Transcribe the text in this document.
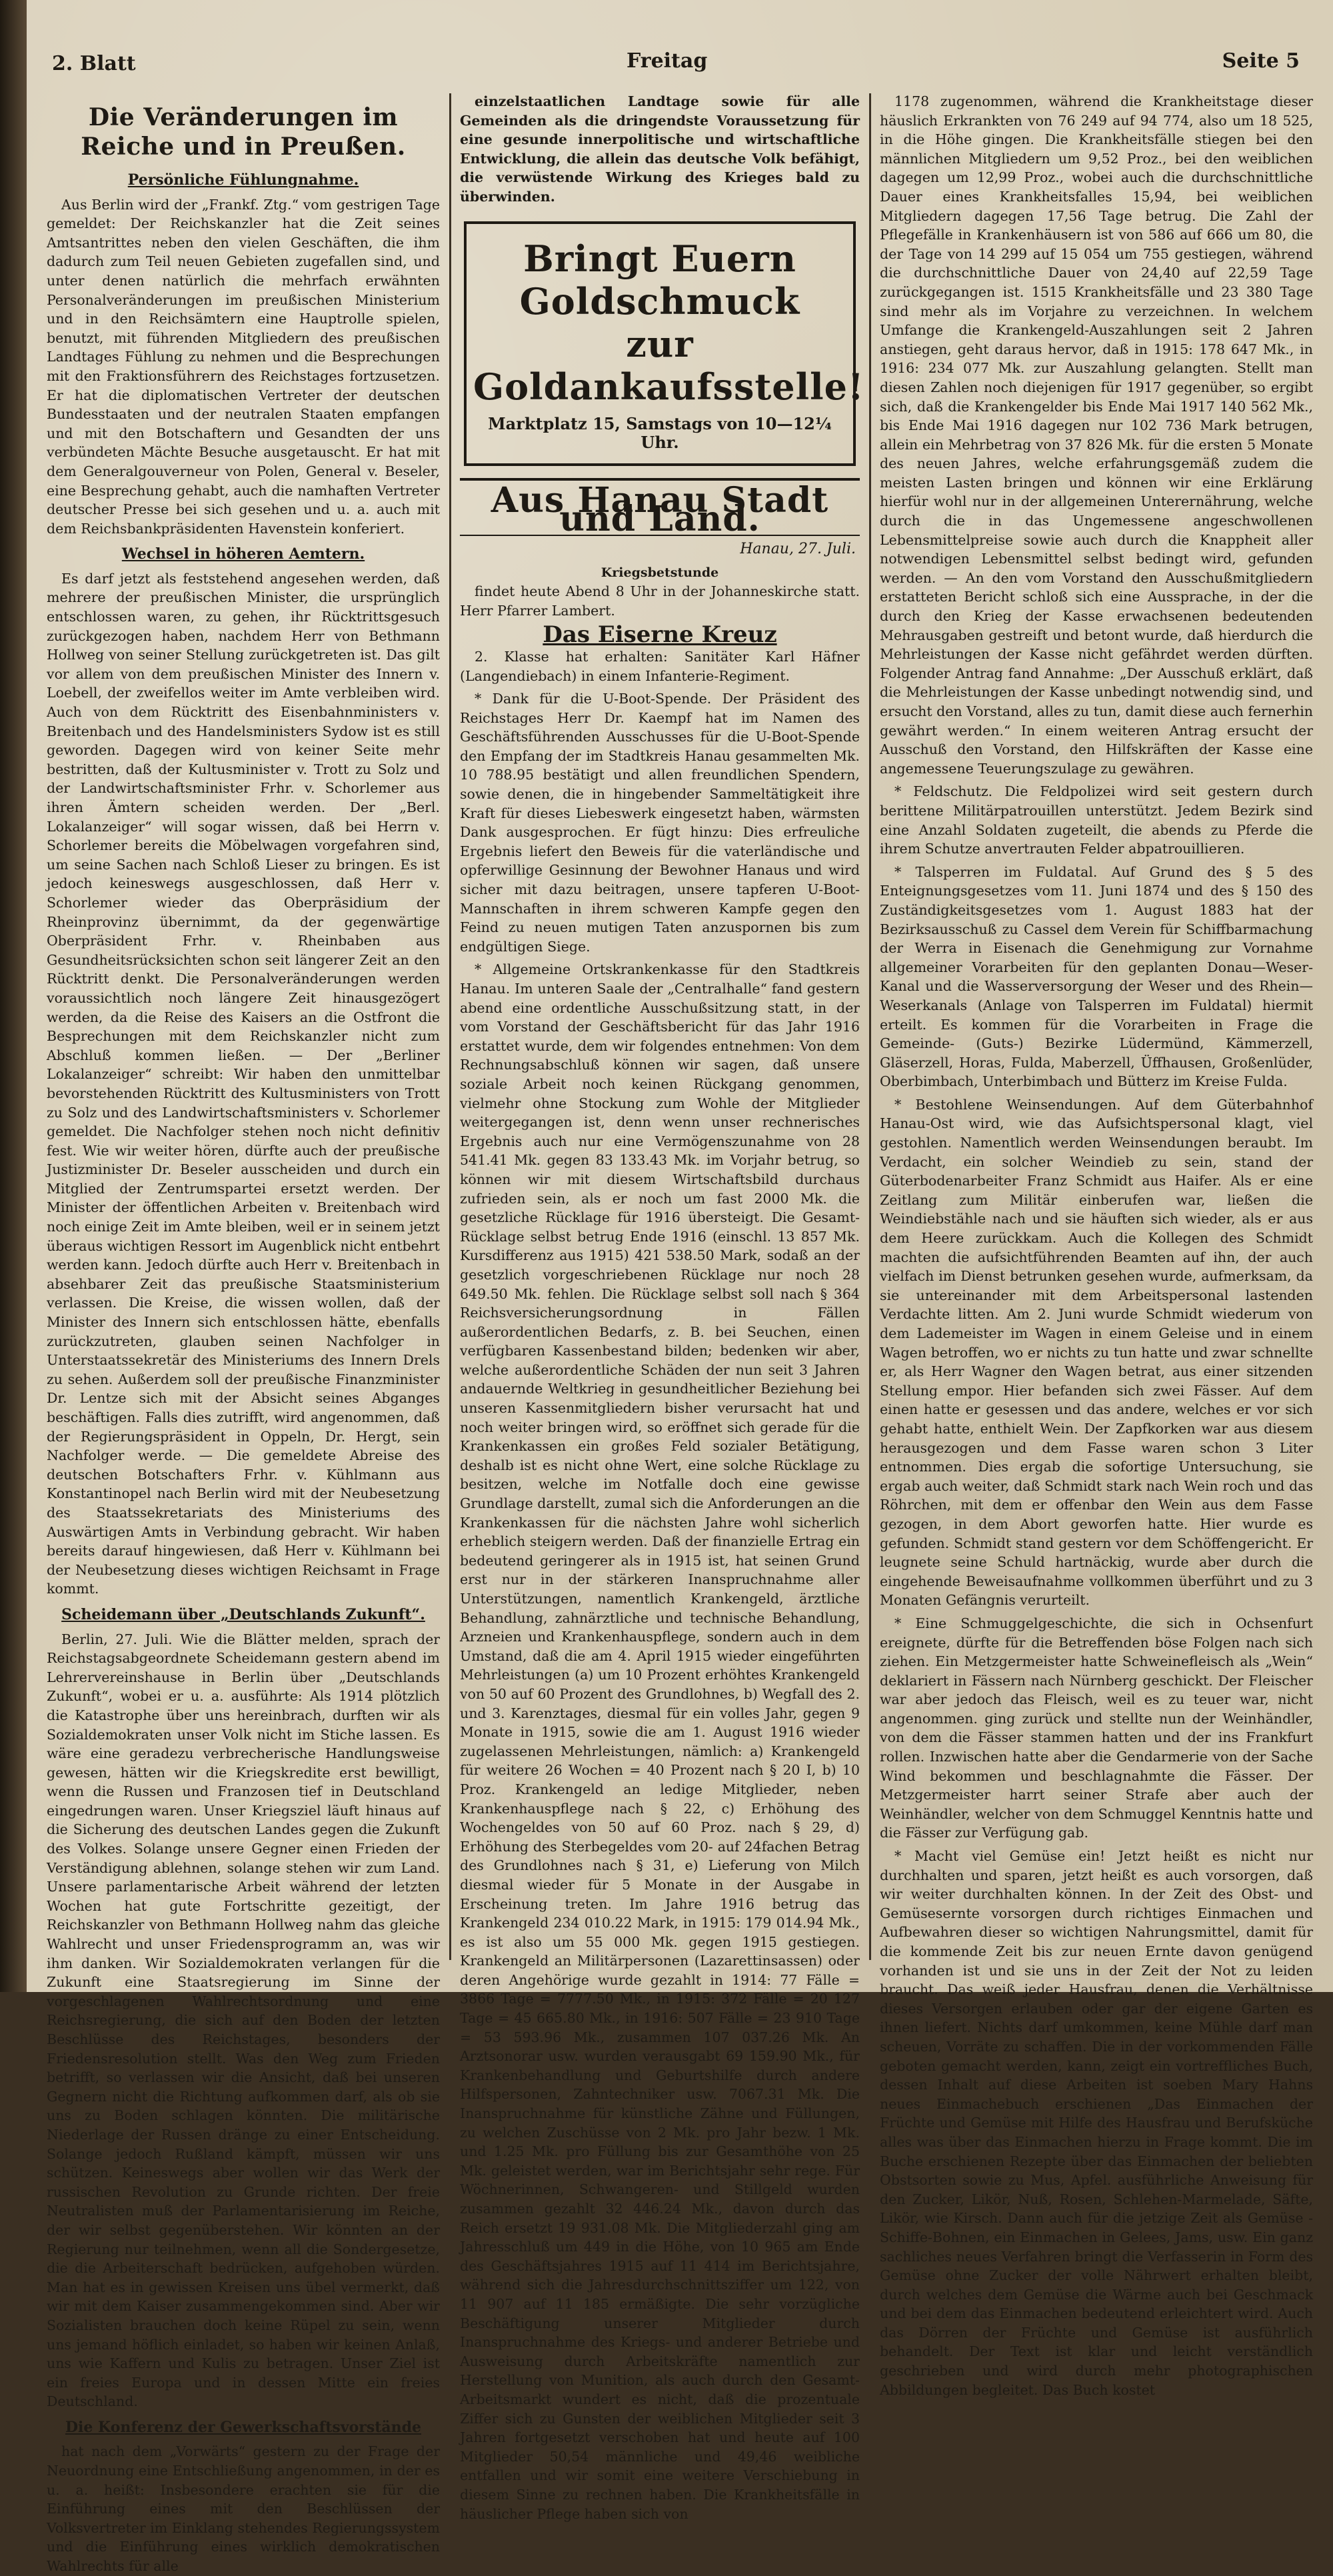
2. Blatt	Freitag	Seite 5
Die Veränderungen im Reiche und in Preußen.
Persönliche Fühlungnahme.

Aus Berlin wird der „Frankf. Ztg.“ vom gestrigen Tage gemeldet: Der Reichskanzler hat die Zeit seines Amtsantrittes neben den vielen Geschäften, die ihm dadurch zum Teil neuen Gebieten zugefallen sind, und unter denen natürlich die mehrfach erwähnten Personalveränderungen im preußischen Ministerium und in den Reichsämtern eine Hauptrolle spielen, benutzt, mit führenden Mitgliedern des preußischen Landtages Fühlung zu nehmen und die Besprechungen mit den Fraktionsführern des Reichstages fortzusetzen. Er hat die diplomatischen Vertreter der deutschen Bundesstaaten und der neutralen Staaten empfangen und mit den Botschaftern und Gesandten der uns verbündeten Mächte Besuche ausgetauscht. Er hat mit dem Generalgouverneur von Polen, General v. Beseler, eine Besprechung gehabt, auch die namhaften Vertreter deutscher Presse bei sich gesehen und u. a. auch mit dem Reichsbankpräsidenten Havenstein konferiert.

Wechsel in höheren Aemtern.

Es darf jetzt als feststehend angesehen werden, daß mehrere der preußischen Minister, die ursprünglich entschlossen waren, zu gehen, ihr Rücktrittsgesuch zurückgezogen haben, nachdem Herr von Bethmann Hollweg von seiner Stellung zurückgetreten ist. Das gilt vor allem von dem preußischen Minister des Innern v. Loebell, der zweifellos weiter im Amte verbleiben wird. Auch von dem Rücktritt des Eisenbahnministers v. Breitenbach und des Handelsministers Sydow ist es still geworden. Dagegen wird von keiner Seite mehr bestritten, daß der Kultusminister v. Trott zu Solz und der Landwirtschaftsminister Frhr. v. Schorlemer aus ihren Ämtern scheiden werden. Der „Berl. Lokalanzeiger“ will sogar wissen, daß bei Herrn v. Schorlemer bereits die Möbelwagen vorgefahren sind, um seine Sachen nach Schloß Lieser zu bringen. Es ist jedoch keineswegs ausgeschlossen, daß Herr v. Schorlemer wieder das Oberpräsidium der Rheinprovinz übernimmt, da der gegenwärtige Oberpräsident Frhr. v. Rheinbaben aus Gesundheitsrücksichten schon seit längerer Zeit an den Rücktritt denkt. Die Personalveränderungen werden voraussichtlich noch längere Zeit hinausgezögert werden, da die Reise des Kaisers an die Ostfront die Besprechungen mit dem Reichskanzler nicht zum Abschluß kommen ließen. — Der „Berliner Lokalanzeiger“ schreibt: Wir haben den unmittelbar bevorstehenden Rücktritt des Kultusministers von Trott zu Solz und des Landwirtschaftsministers v. Schorlemer gemeldet. Die Nachfolger stehen noch nicht definitiv fest. Wie wir weiter hören, dürfte auch der preußische Justizminister Dr. Beseler ausscheiden und durch ein Mitglied der Zentrumspartei ersetzt werden. Der Minister der öffentlichen Arbeiten v. Breitenbach wird noch einige Zeit im Amte bleiben, weil er in seinem jetzt überaus wichtigen Ressort im Augenblick nicht entbehrt werden kann. Jedoch dürfte auch Herr v. Breitenbach in absehbarer Zeit das preußische Staatsministerium verlassen. Die Kreise, die wissen wollen, daß der Minister des Innern sich entschlossen hätte, ebenfalls zurückzutreten, glauben seinen Nachfolger in Unterstaatssekretär des Ministeriums des Innern Drels zu sehen. Außerdem soll der preußische Finanzminister Dr. Lentze sich mit der Absicht seines Abganges beschäftigen. Falls dies zutrifft, wird angenommen, daß der Regierungspräsident in Oppeln, Dr. Hergt, sein Nachfolger werde. — Die gemeldete Abreise des deutschen Botschafters Frhr. v. Kühlmann aus Konstantinopel nach Berlin wird mit der Neubesetzung des Staatssekretariats des Ministeriums des Auswärtigen Amts in Verbindung gebracht. Wir haben bereits darauf hingewiesen, daß Herr v. Kühlmann bei der Neubesetzung dieses wichtigen Reichsamt in Frage kommt.

Scheidemann über „Deutschlands Zukunft“.

Berlin, 27. Juli. Wie die Blätter melden, sprach der Reichstagsabgeordnete Scheidemann gestern abend im Lehrervereinshause in Berlin über „Deutschlands Zukunft“, wobei er u. a. ausführte: Als 1914 plötzlich die Katastrophe über uns hereinbrach, durften wir als Sozialdemokraten unser Volk nicht im Stiche lassen. Es wäre eine geradezu verbrecherische Handlungsweise gewesen, hätten wir die Kriegskredite erst bewilligt, wenn die Russen und Franzosen tief in Deutschland eingedrungen waren. Unser Kriegsziel läuft hinaus auf die Sicherung des deutschen Landes gegen die Zukunft des Volkes. Solange unsere Gegner einen Frieden der Verständigung ablehnen, solange stehen wir zum Land. Unsere parlamentarische Arbeit während der letzten Wochen hat gute Fortschritte gezeitigt, der Reichskanzler von Bethmann Hollweg nahm das gleiche Wahlrecht und unser Friedensprogramm an, was wir ihm danken. Wir Sozialdemokraten verlangen für die Zukunft eine Staatsregierung im Sinne der vorgeschlagenen Wahlrechtsordnung und eine Reichsregierung, die sich auf den Boden der letzten Beschlüsse des Reichstages, besonders der Friedensresolution stellt. Was den Weg zum Frieden betrifft, so verlassen wir die Ansicht, daß bei unseren Gegnern nicht die Richtung aufkommen darf, als ob sie uns zu Boden schlagen könnten. Die militärische Niederlage der Russen dränge zu einer Entscheidung. Solange jedoch Rußland kämpft, müssen wir uns schützen. Keineswegs aber wollen wir das Werk der russischen Revolution zu Grunde richten. Der freie Neutralisten muß der Parlamentarisierung im Reiche, der wir selbst gegenüberstehen. Wir könnten an der Regierung nur teilnehmen, wenn all die Sondergesetze, die die Arbeiterschaft bedrücken, aufgehoben würden. Man hat es in gewissen Kreisen uns übel vermerkt, daß wir mit dem Kaiser zusammengekommen sind. Aber wir Sozialisten brauchen doch keine Rüpel zu sein, wenn uns jemand höflich einladet, so haben wir keinen Anlaß, uns wie Kaffern und Kulis zu betragen. Unser Ziel ist ein freies Europa und in dessen Mitte ein freies Deutschland.

Die Konferenz der Gewerkschaftsvorstände

hat nach dem „Vorwärts“ gestern zu der Frage der Neuordnung eine Entschließung angenommen, in der es u. a. heißt: Insbesondere erachten sie für die Einführung eines mit den Beschlüssen der Volksvertreter im Einklang stehendes Regierungssystem und die Einführung eines wirklich demokratischen Wahlrechts für alle

einzelstaatlichen Landtage sowie für alle Gemeinden als die dringendste Voraussetzung für eine gesunde innerpolitische und wirtschaftliche Entwicklung, die allein das deutsche Volk befähigt, die verwüstende Wirkung des Krieges bald zu überwinden.

Bringt Euern Goldschmuck
zur Goldankaufsstelle!
Marktplatz 15, Samstags von 10—12¼ Uhr.
Aus Hanau Stadt und Land.
Hanau, 27. Juli.
Kriegsbetstunde

findet heute Abend 8 Uhr in der Johanneskirche statt. Herr Pfarrer Lambert.

Das Eiserne Kreuz

2. Klasse hat erhalten: Sanitäter Karl Häfner (Langendiebach) in einem Infanterie-Regiment.

* Dank für die U-Boot-Spende. Der Präsident des Reichstages Herr Dr. Kaempf hat im Namen des Geschäftsführenden Ausschusses für die U-Boot-Spende den Empfang der im Stadtkreis Hanau gesammelten Mk. 10 788.95 bestätigt und allen freundlichen Spendern, sowie denen, die in hingebender Sammeltätigkeit ihre Kraft für dieses Liebeswerk eingesetzt haben, wärmsten Dank ausgesprochen. Er fügt hinzu: Dies erfreuliche Ergebnis liefert den Beweis für die vaterländische und opferwillige Gesinnung der Bewohner Hanaus und wird sicher mit dazu beitragen, unsere tapferen U-Boot-Mannschaften in ihrem schweren Kampfe gegen den Feind zu neuen mutigen Taten anzuspornen bis zum endgültigen Siege.

* Allgemeine Ortskrankenkasse für den Stadtkreis Hanau. Im unteren Saale der „Centralhalle“ fand gestern abend eine ordentliche Ausschußsitzung statt, in der vom Vorstand der Geschäftsbericht für das Jahr 1916 erstattet wurde, dem wir folgendes entnehmen: Von dem Rechnungsabschluß können wir sagen, daß unsere soziale Arbeit noch keinen Rückgang genommen, vielmehr ohne Stockung zum Wohle der Mitglieder weitergegangen ist, denn wenn unser rechnerisches Ergebnis auch nur eine Vermögenszunahme von 28 541.41 Mk. gegen 83 133.43 Mk. im Vorjahr betrug, so können wir mit diesem Wirtschaftsbild durchaus zufrieden sein, als er noch um fast 2000 Mk. die gesetzliche Rücklage für 1916 übersteigt. Die Gesamt-Rücklage selbst betrug Ende 1916 (einschl. 13 857 Mk. Kursdifferenz aus 1915) 421 538.50 Mark, sodaß an der gesetzlich vorgeschriebenen Rücklage nur noch 28 649.50 Mk. fehlen. Die Rücklage selbst soll nach § 364 Reichsversicherungsordnung in Fällen außerordentlichen Bedarfs, z. B. bei Seuchen, einen verfügbaren Kassenbestand bilden; bedenken wir aber, welche außerordentliche Schäden der nun seit 3 Jahren andauernde Weltkrieg in gesundheitlicher Beziehung bei unseren Kassenmitgliedern bisher verursacht hat und noch weiter bringen wird, so eröffnet sich gerade für die Krankenkassen ein großes Feld sozialer Betätigung, deshalb ist es nicht ohne Wert, eine solche Rücklage zu besitzen, welche im Notfalle doch eine gewisse Grundlage darstellt, zumal sich die Anforderungen an die Krankenkassen für die nächsten Jahre wohl sicherlich erheblich steigern werden. Daß der finanzielle Ertrag ein bedeutend geringerer als in 1915 ist, hat seinen Grund erst nur in der stärkeren Inanspruchnahme aller Unterstützungen, namentlich Krankengeld, ärztliche Behandlung, zahnärztliche und technische Behandlung, Arzneien und Krankenhauspflege, sondern auch in dem Umstand, daß die am 4. April 1915 wieder eingeführten Mehrleistungen (a) um 10 Prozent erhöhtes Krankengeld von 50 auf 60 Prozent des Grundlohnes, b) Wegfall des 2. und 3. Karenztages, diesmal für ein volles Jahr, gegen 9 Monate in 1915, sowie die am 1. August 1916 wieder zugelassenen Mehrleistungen, nämlich: a) Krankengeld für weitere 26 Wochen = 40 Prozent nach § 20 I, b) 10 Proz. Krankengeld an ledige Mitglieder, neben Krankenhauspflege nach § 22, c) Erhöhung des Wochengeldes von 50 auf 60 Proz. nach § 29, d) Erhöhung des Sterbegeldes vom 20- auf 24fachen Betrag des Grundlohnes nach § 31, e) Lieferung von Milch diesmal wieder für 5 Monate in der Ausgabe in Erscheinung treten. Im Jahre 1916 betrug das Krankengeld 234 010.22 Mark, in 1915: 179 014.94 Mk., es ist also um 55 000 Mk. gegen 1915 gestiegen. Krankengeld an Militärpersonen (Lazarettinsassen) oder deren Angehörige wurde gezahlt in 1914: 77 Fälle = 3866 Tage = 7777.50 Mk., in 1915: 372 Fälle = 20 127 Tage = 45 665.80 Mk., in 1916: 507 Fälle = 23 910 Tage = 53 593.96 Mk., zusammen 107 037.26 Mk. An Arztsonorar usw. wurden verausgabt 69 159.90 Mk., für Krankenbehandlung und Geburtshilfe durch andere Hilfspersonen, Zahntechniker usw. 7067.31 Mk. Die Inanspruchnahme für künstliche Zähne und Füllungen, zu welchen Zuschüsse von 2 Mk. pro Jahr bezw. 1 Mk. und 1.25 Mk. pro Füllung bis zur Gesamthöhe von 25 Mk. geleistet werden, war im Berichtsjahr sehr rege. Für Wöchnerinnen, Schwangeren- und Stillgeld wurden zusammen gezahlt 32 446.24 Mk., davon durch das Reich ersetzt 19 931.08 Mk. Die Mitgliederzahl ging am Jahresschluß um 449 in die Höhe, von 10 965 am Ende des Geschäftsjahres 1915 auf 11 414 im Berichtsjahre, während sich die Jahresdurchschnittsziffer um 122, von 11 907 auf 11 185 ermäßigte. Die sehr vorzügliche Beschäftigung unserer Mitglieder durch Inanspruchnahme des Kriegs- und anderer Betriebe und Ausweisung durch Arbeitskräfte namentlich zur Herstellung von Munition, als auch durch den Gesamt-Arbeitsmarkt wundert es nicht, daß die prozentuale Ziffer sich zu Gunsten der weiblichen Mitglieder seit 3 Jahren fortgesetzt verschoben hat und heute auf 100 Mitglieder 50,54 männliche und 49,46 weibliche entfallen und wir somit eine weitere Verschiebung in diesem Sinne zu rechnen haben. Die Krankheitsfälle in häuslicher Pflege haben sich von

1178 zugenommen, während die Krankheitstage dieser häuslich Erkrankten von 76 249 auf 94 774, also um 18 525, in die Höhe gingen. Die Krankheitsfälle stiegen bei den männlichen Mitgliedern um 9,52 Proz., bei den weiblichen dagegen um 12,99 Proz., wobei auch die durchschnittliche Dauer eines Krankheitsfalles 15,94, bei weiblichen Mitgliedern dagegen 17,56 Tage betrug. Die Zahl der Pflegefälle in Krankenhäusern ist von 586 auf 666 um 80, die der Tage von 14 299 auf 15 054 um 755 gestiegen, während die durchschnittliche Dauer von 24,40 auf 22,59 Tage zurückgegangen ist. 1515 Krankheitsfälle und 23 380 Tage sind mehr als im Vorjahre zu verzeichnen. In welchem Umfange die Krankengeld-Auszahlungen seit 2 Jahren anstiegen, geht daraus hervor, daß in 1915: 178 647 Mk., in 1916: 234 077 Mk. zur Auszahlung gelangten. Stellt man diesen Zahlen noch diejenigen für 1917 gegenüber, so ergibt sich, daß die Krankengelder bis Ende Mai 1917 140 562 Mk., bis Ende Mai 1916 dagegen nur 102 736 Mark betrugen, allein ein Mehrbetrag von 37 826 Mk. für die ersten 5 Monate des neuen Jahres, welche erfahrungsgemäß zudem die meisten Lasten bringen und können wir eine Erklärung hierfür wohl nur in der allgemeinen Unterernährung, welche durch die in das Ungemessene angeschwollenen Lebensmittelpreise sowie auch durch die Knappheit aller notwendigen Lebensmittel selbst bedingt wird, gefunden werden. — An den vom Vorstand den Ausschußmitgliedern erstatteten Bericht schloß sich eine Aussprache, in der die durch den Krieg der Kasse erwachsenen bedeutenden Mehrausgaben gestreift und betont wurde, daß hierdurch die Mehrleistungen der Kasse nicht gefährdet werden dürften. Folgender Antrag fand Annahme: „Der Ausschuß erklärt, daß die Mehrleistungen der Kasse unbedingt notwendig sind, und ersucht den Vorstand, alles zu tun, damit diese auch fernerhin gewährt werden.“ In einem weiteren Antrag ersucht der Ausschuß den Vorstand, den Hilfskräften der Kasse eine angemessene Teuerungszulage zu gewähren.

* Feldschutz. Die Feldpolizei wird seit gestern durch berittene Militärpatrouillen unterstützt. Jedem Bezirk sind eine Anzahl Soldaten zugeteilt, die abends zu Pferde die ihrem Schutze anvertrauten Felder abpatrouillieren.

* Talsperren im Fuldatal. Auf Grund des § 5 des Enteignungsgesetzes vom 11. Juni 1874 und des § 150 des Zuständigkeitsgesetzes vom 1. August 1883 hat der Bezirksausschuß zu Cassel dem Verein für Schiffbarmachung der Werra in Eisenach die Genehmigung zur Vornahme allgemeiner Vorarbeiten für den geplanten Donau—Weser-Kanal und die Wasserversorgung der Weser und des Rhein—Weserkanals (Anlage von Talsperren im Fuldatal) hiermit erteilt. Es kommen für die Vorarbeiten in Frage die Gemeinde- (Guts-) Bezirke Lüdermünd, Kämmerzell, Gläserzell, Horas, Fulda, Maberzell, Üffhausen, Großenlüder, Oberbimbach, Unterbimbach und Bütterz im Kreise Fulda.

* Bestohlene Weinsendungen. Auf dem Güterbahnhof Hanau-Ost wird, wie das Aufsichtspersonal klagt, viel gestohlen. Namentlich werden Weinsendungen beraubt. Im Verdacht, ein solcher Weindieb zu sein, stand der Güterbodenarbeiter Franz Schmidt aus Haifer. Als er eine Zeitlang zum Militär einberufen war, ließen die Weindiebstähle nach und sie häuften sich wieder, als er aus dem Heere zurückkam. Auch die Kollegen des Schmidt machten die aufsichtführenden Beamten auf ihn, der auch vielfach im Dienst betrunken gesehen wurde, aufmerksam, da sie untereinander mit dem Arbeitspersonal lastenden Verdachte litten. Am 2. Juni wurde Schmidt wiederum von dem Lademeister im Wagen in einem Geleise und in einem Wagen betroffen, wo er nichts zu tun hatte und zwar schnellte er, als Herr Wagner den Wagen betrat, aus einer sitzenden Stellung empor. Hier befanden sich zwei Fässer. Auf dem einen hatte er gesessen und das andere, welches er vor sich gehabt hatte, enthielt Wein. Der Zapfkorken war aus diesem herausgezogen und dem Fasse waren schon 3 Liter entnommen. Dies ergab die sofortige Untersuchung, sie ergab auch weiter, daß Schmidt stark nach Wein roch und das Röhrchen, mit dem er offenbar den Wein aus dem Fasse gezogen, in dem Abort geworfen hatte. Hier wurde es gefunden. Schmidt stand gestern vor dem Schöffengericht. Er leugnete seine Schuld hartnäckig, wurde aber durch die eingehende Beweisaufnahme vollkommen überführt und zu 3 Monaten Gefängnis verurteilt.

* Eine Schmuggelgeschichte, die sich in Ochsenfurt ereignete, dürfte für die Betreffenden böse Folgen nach sich ziehen. Ein Metzgermeister hatte Schweinefleisch als „Wein“ deklariert in Fässern nach Nürnberg geschickt. Der Fleischer war aber jedoch das Fleisch, weil es zu teuer war, nicht angenommen. ging zurück und stellte nun der Weinhändler, von dem die Fässer stammen hatten und der ins Frankfurt rollen. Inzwischen hatte aber die Gendarmerie von der Sache Wind bekommen und beschlagnahmte die Fässer. Der Metzgermeister harrt seiner Strafe aber auch der Weinhändler, welcher von dem Schmuggel Kenntnis hatte und die Fässer zur Verfügung gab.

* Macht viel Gemüse ein! Jetzt heißt es nicht nur durchhalten und sparen, jetzt heißt es auch vorsorgen, daß wir weiter durchhalten können. In der Zeit des Obst- und Gemüsesernte vorsorgen durch richtiges Einmachen und Aufbewahren dieser so wichtigen Nahrungsmittel, damit für die kommende Zeit bis zur neuen Ernte davon genügend vorhanden ist und sie uns in der Zeit der Not zu leiden braucht. Das weiß jeder Hausfrau, denen die Verhältnisse dieses Versorgen erlauben oder gar der eigene Garten es ihnen liefert. Nichts darf umkommen, keine Mühle darf man scheuen, Vorräte zu schaffen. Die in der vorkommenden Fälle geboten gemacht werden, kann, zeigt ein vortreffliches Buch, dessen Inhalt auf diese Arbeiten ist soeben Mary Hahns neues Einmachebuch erschienen „Das Einmachen der Früchte und Gemüse mit Hilfe des Hausfrau und Berufsküche alles was über das Einmachen hierzu in Frage kommt. Die im Buche erschienen Rezepte über das Einmachen der beliebten Obstsorten sowie zu Mus, Apfel. ausführliche Anweisung für den Zucker, Likör, Nuß, Rosen, Schlehen-Marmelade, Säfte, Likör, wie Kirsch. Dann auch für die jetzige Zeit als Gemüse - Schiffe-Bohnen, ein Einmachen in Gelees, Jams, usw. Ein ganz sachliches neues Verfahren bringt die Verfasserin in Form des Gemüse ohne Zucker der volle Nährwert erhalten bleibt, durch welches dem Gemüse die Wärme auch bei Geschmack und bei dem das Einmachen bedeutend erleichtert wird. Auch das Dörren der Früchte und Gemüse ist ausführlich behandelt. Der Text ist klar und leicht verständlich geschrieben und wird durch mehr photographischen Abbildungen begleitet. Das Buch kostet
